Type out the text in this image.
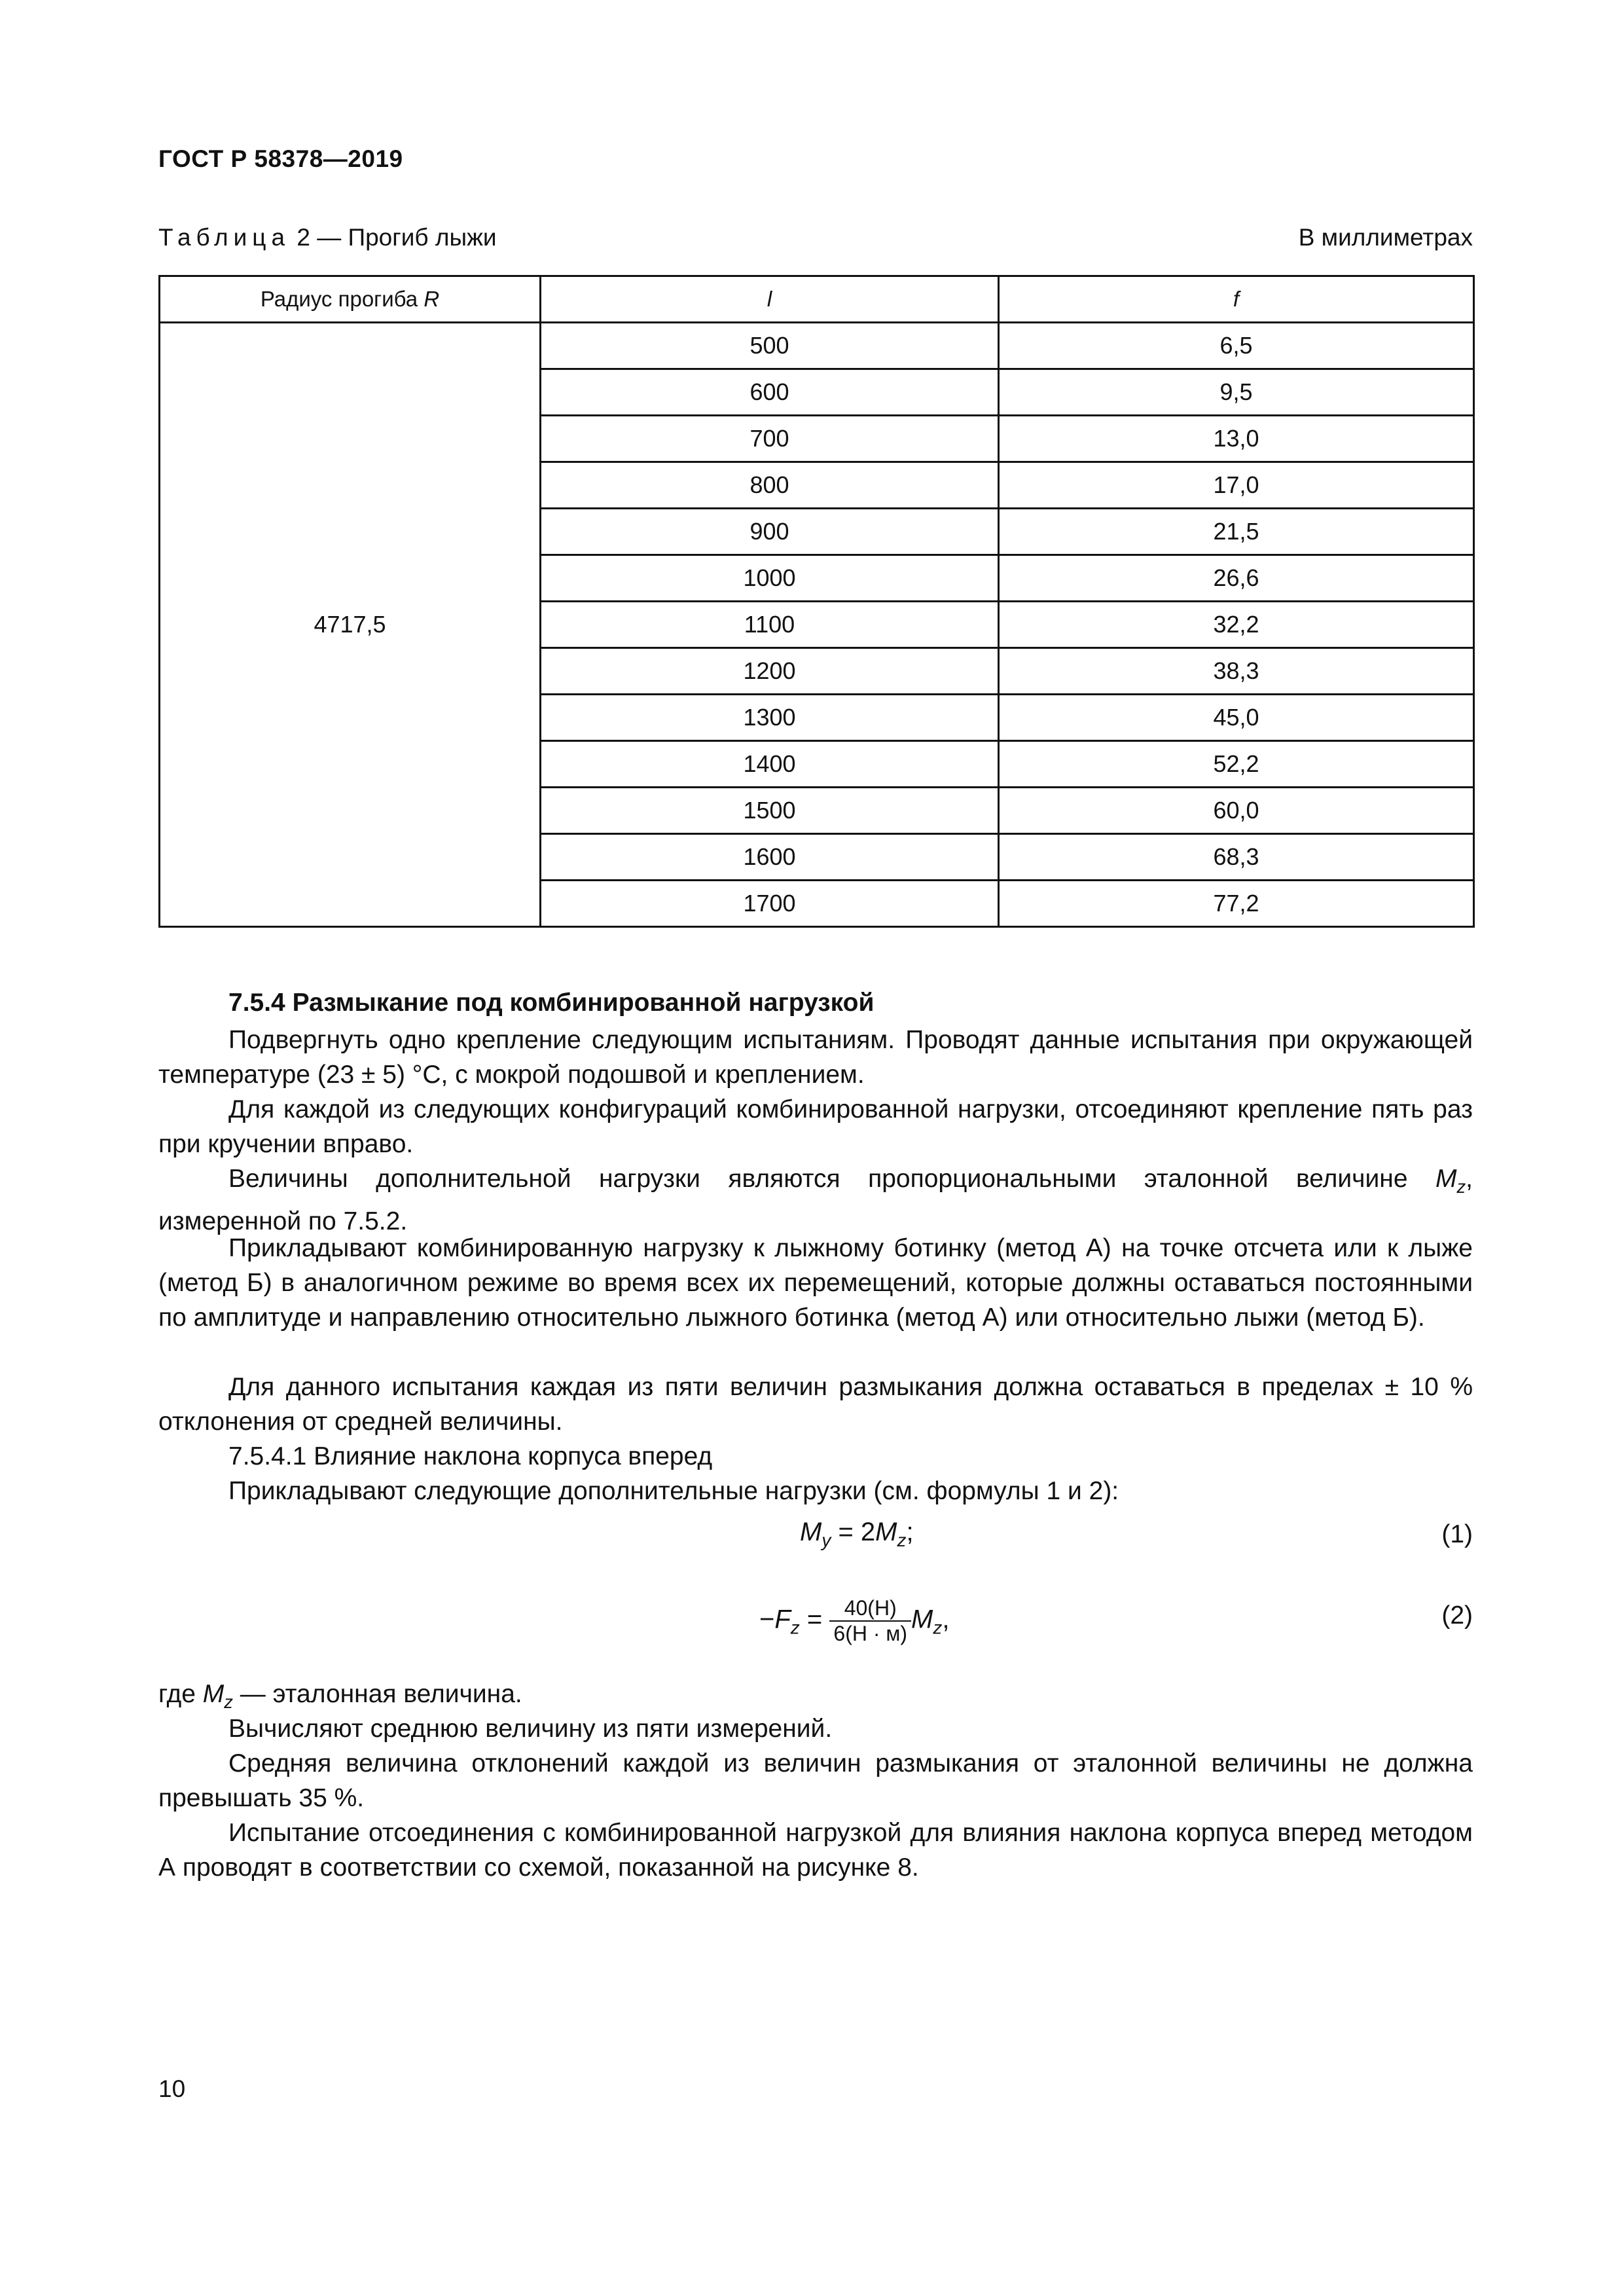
ГОСТ Р 58378—2019
Таблица 2 — Прогиб лыжи	В миллиметрах
Радиус прогиба R	l	f
4717,5	500	6,5
	600	9,5
	700	13,0
	800	17,0
	900	21,5
	1000	26,6
	1100	32,2
	1200	38,3
	1300	45,0
	1400	52,2
	1500	60,0
	1600	68,3
	1700	77,2
7.5.4 Размыкание под комбинированной нагрузкой
Подвергнуть одно крепление следующим испытаниям. Проводят данные испытания при окружающей температуре (23 ± 5) °С, с мокрой подошвой и креплением.
Для каждой из следующих конфигураций комбинированной нагрузки, отсоединяют крепление пять раз при кручении вправо.
Величины дополнительной нагрузки являются пропорциональными эталонной величине $M_z$, измеренной по 7.5.2.
Прикладывают комбинированную нагрузку к лыжному ботинку (метод А) на точке отсчета или к лыже (метод Б) в аналогичном режиме во время всех их перемещений, которые должны оставаться постоянными по амплитуде и направлению относительно лыжного ботинка (метод А) или относительно лыжи (метод Б).
Для данного испытания каждая из пяти величин размыкания должна оставаться в пределах ± 10 % отклонения от средней величины.
7.5.4.1 Влияние наклона корпуса вперед
Прикладывают следующие дополнительные нагрузки (см. формулы 1 и 2):
$M_y = 2M_z$;	(1)
$-F_z = \frac{40(Н)}{6(Н \cdot м)} M_z$,	(2)
где $M_z$ — эталонная величина.
Вычисляют среднюю величину из пяти измерений.
Средняя величина отклонений каждой из величин размыкания от эталонной величины не должна превышать 35 %.
Испытание отсоединения с комбинированной нагрузкой для влияния наклона корпуса вперед методом А проводят в соответствии со схемой, показанной на рисунке 8.
10
